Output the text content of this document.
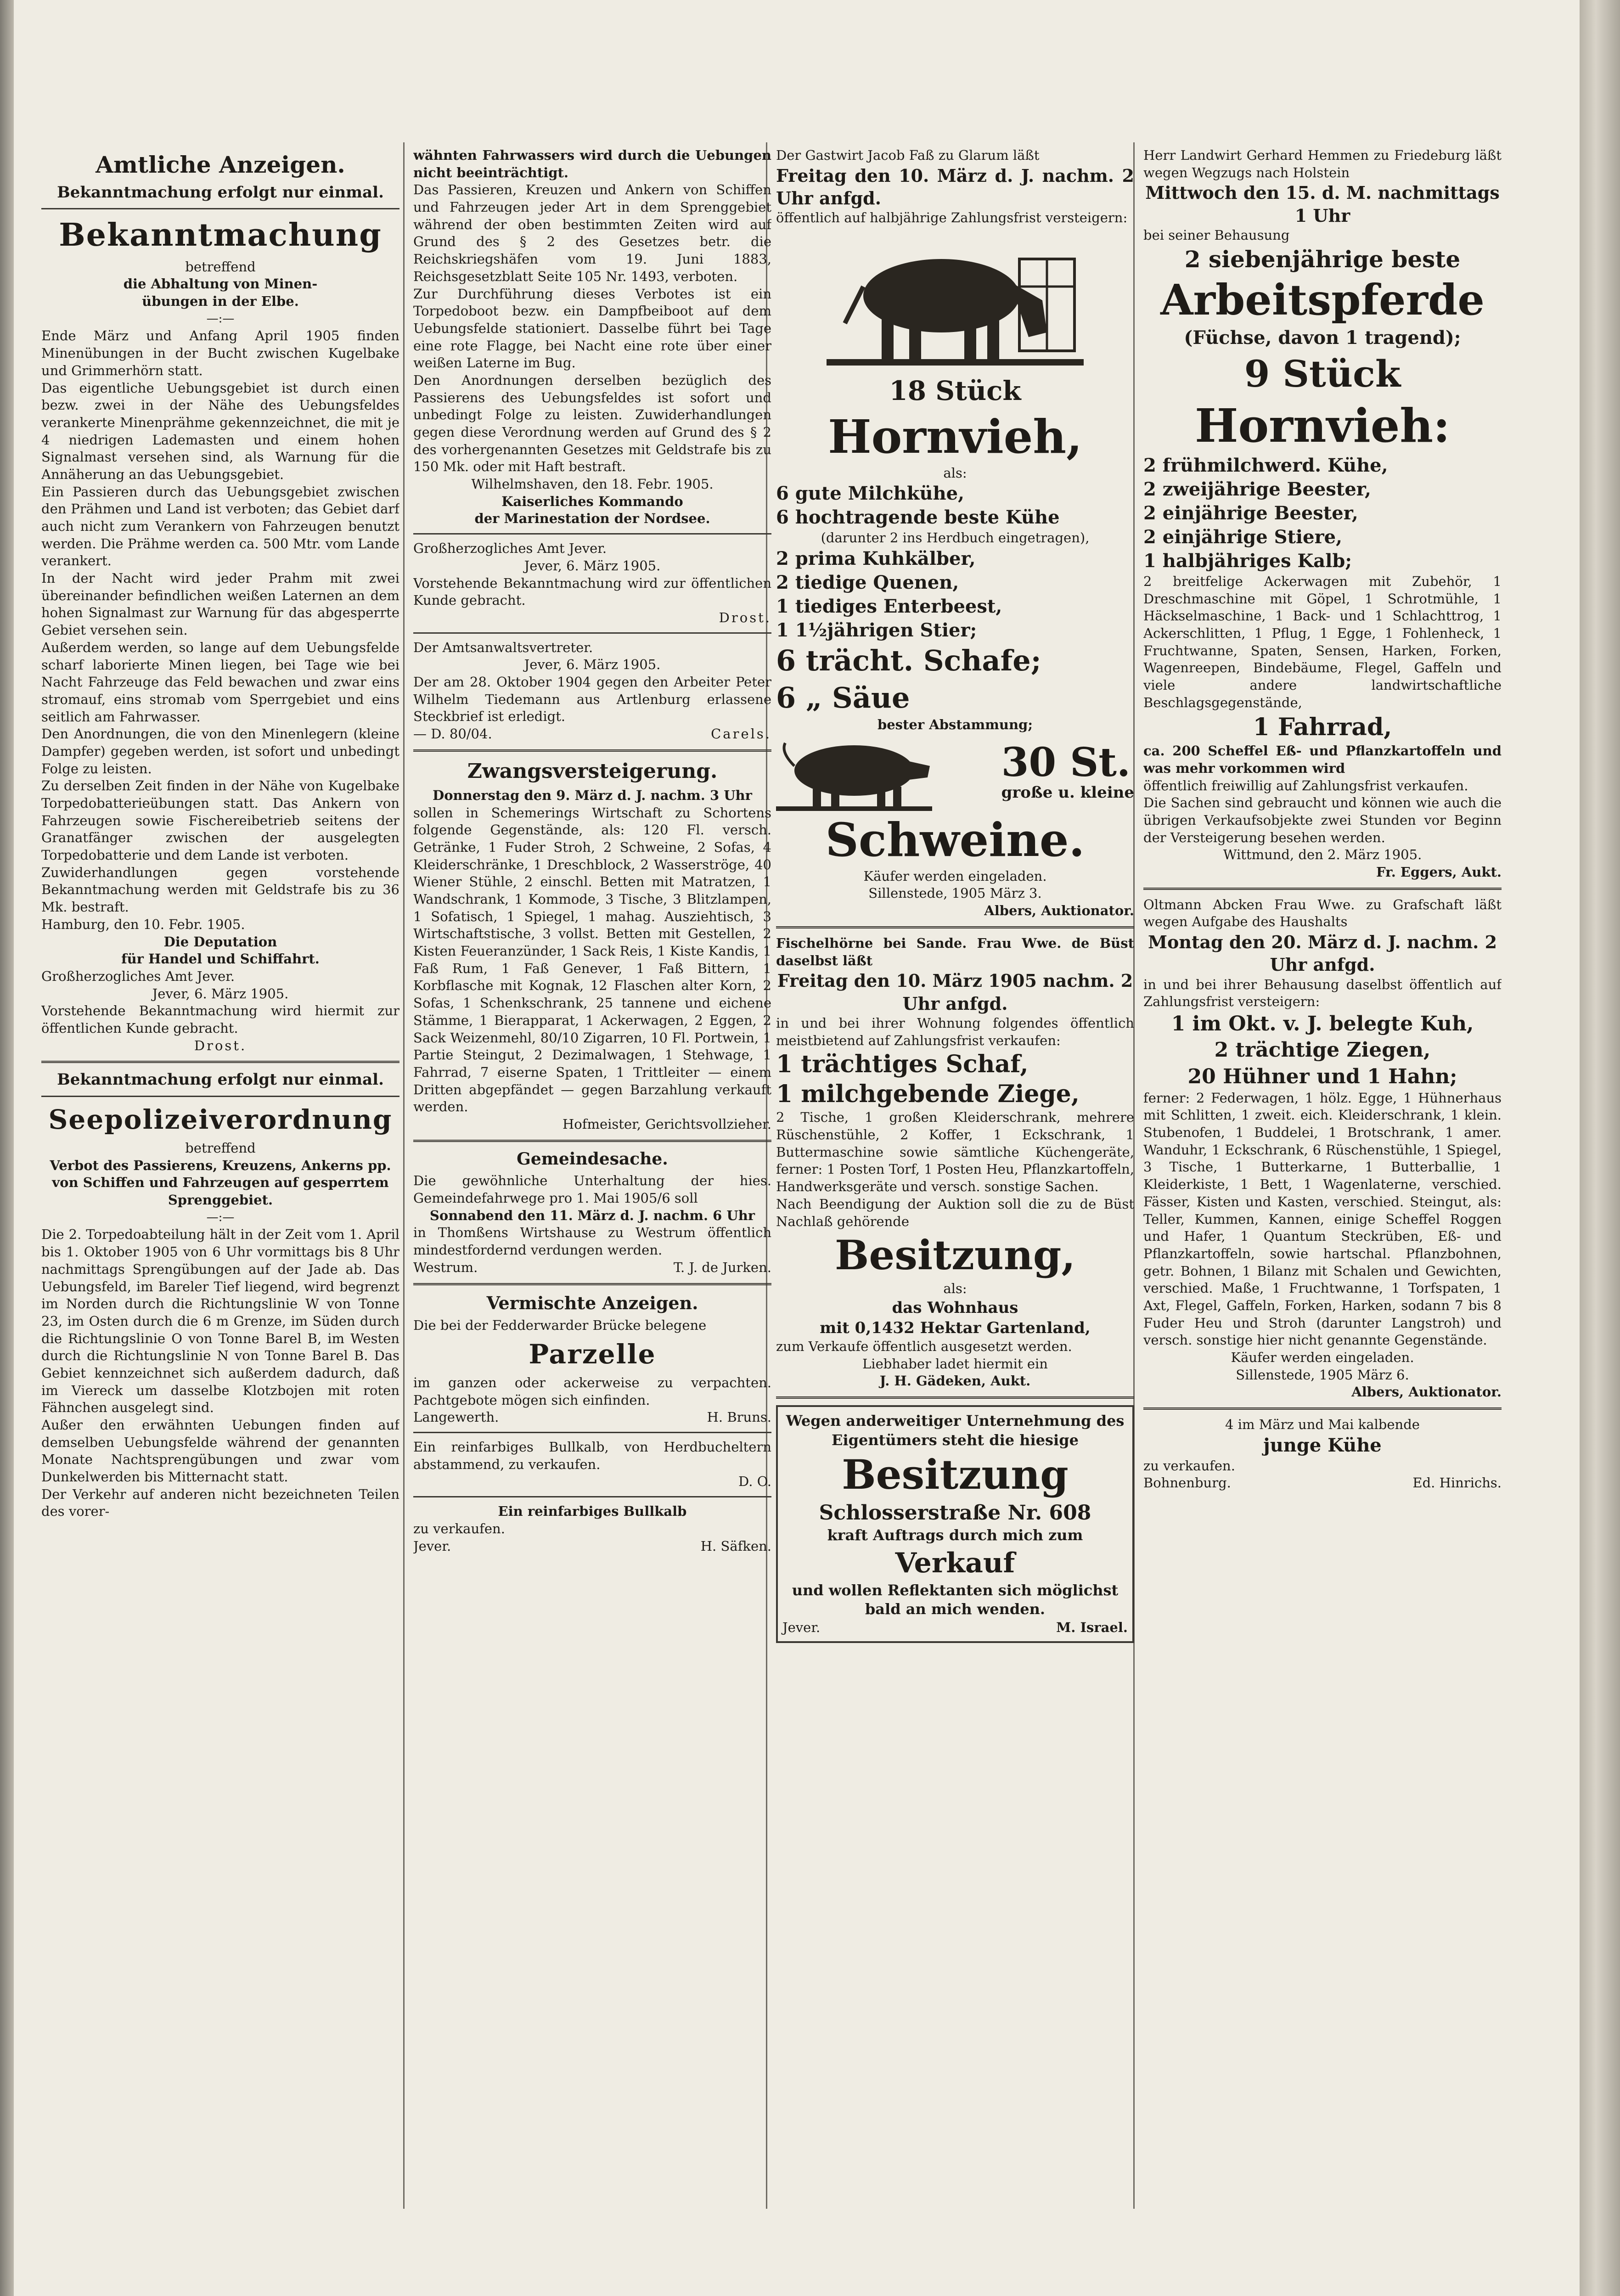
Amtliche Anzeigen.

Bekanntmachung erfolgt nur einmal.

Bekanntmachung

betreffend

die Abhaltung von Minen-

übungen in der Elbe.

—:—

Ende März und Anfang April 1905 finden Minenübungen in der Bucht zwischen Kugelbake und Grimmerhörn statt.

Das eigentliche Uebungsgebiet ist durch einen bezw. zwei in der Nähe des Uebungsfeldes verankerte Minenprähme gekennzeichnet, die mit je 4 niedrigen Lademasten und einem hohen Signalmast versehen sind, als Warnung für die Annäherung an das Uebungsgebiet.

Ein Passieren durch das Uebungsgebiet zwischen den Prähmen und Land ist verboten; das Gebiet darf auch nicht zum Verankern von Fahrzeugen benutzt werden. Die Prähme werden ca. 500 Mtr. vom Lande verankert.

In der Nacht wird jeder Prahm mit zwei übereinander befindlichen weißen Laternen an dem hohen Signalmast zur Warnung für das abgesperrte Gebiet versehen sein.

Außerdem werden, so lange auf dem Uebungsfelde scharf laborierte Minen liegen, bei Tage wie bei Nacht Fahrzeuge das Feld bewachen und zwar eins stromauf, eins stromab vom Sperrgebiet und eins seitlich am Fahrwasser.

Den Anordnungen, die von den Minenlegern (kleine Dampfer) gegeben werden, ist sofort und unbedingt Folge zu leisten.

Zu derselben Zeit finden in der Nähe von Kugelbake Torpedobatterieübungen statt. Das Ankern von Fahrzeugen sowie Fischereibetrieb seitens der Granatfänger zwischen der ausgelegten Torpedobatterie und dem Lande ist verboten.

Zuwiderhandlungen gegen vorstehende Bekanntmachung werden mit Geldstrafe bis zu 36 Mk. bestraft.

Hamburg, den 10. Febr. 1905.

Die Deputation

für Handel und Schiffahrt.

Großherzogliches Amt Jever.

Jever, 6. März 1905.

Vorstehende Bekanntmachung wird hiermit zur öffentlichen Kunde gebracht.

Drost.

Bekanntmachung erfolgt nur einmal.

Seepolizeiverordnung

betreffend

Verbot des Passierens, Kreuzens, Ankerns pp. von Schiffen und Fahrzeugen auf gesperrtem Sprenggebiet.

—:—

Die 2. Torpedoabteilung hält in der Zeit vom 1. April bis 1. Oktober 1905 von 6 Uhr vormittags bis 8 Uhr nachmittags Sprengübungen auf der Jade ab. Das Uebungsfeld, im Bareler Tief liegend, wird begrenzt im Norden durch die Richtungslinie W von Tonne 23, im Osten durch die 6 m Grenze, im Süden durch die Richtungslinie O von Tonne Barel B, im Westen durch die Richtungslinie N von Tonne Barel B. Das Gebiet kennzeichnet sich außerdem dadurch, daß im Viereck um dasselbe Klotzbojen mit roten Fähnchen ausgelegt sind.

Außer den erwähnten Uebungen finden auf demselben Uebungsfelde während der genannten Monate Nachtsprengübungen und zwar vom Dunkelwerden bis Mitternacht statt.

Der Verkehr auf anderen nicht bezeichneten Teilen des vorer-

wähnten Fahrwassers wird durch die Uebungen nicht beeinträchtigt.

Das Passieren, Kreuzen und Ankern von Schiffen und Fahrzeugen jeder Art in dem Sprenggebiet während der oben bestimmten Zeiten wird auf Grund des § 2 des Gesetzes betr. die Reichskriegshäfen vom 19. Juni 1883, Reichsgesetzblatt Seite 105 Nr. 1493, verboten.

Zur Durchführung dieses Verbotes ist ein Torpedoboot bezw. ein Dampfbeiboot auf dem Uebungsfelde stationiert. Dasselbe führt bei Tage eine rote Flagge, bei Nacht eine rote über einer weißen Laterne im Bug.

Den Anordnungen derselben bezüglich des Passierens des Uebungsfeldes ist sofort und unbedingt Folge zu leisten. Zuwiderhandlungen gegen diese Verordnung werden auf Grund des § 2 des vorhergenannten Gesetzes mit Geldstrafe bis zu 150 Mk. oder mit Haft bestraft.

Wilhelmshaven, den 18. Febr. 1905.

Kaiserliches Kommando

der Marinestation der Nordsee.

Großherzogliches Amt Jever.

Jever, 6. März 1905.

Vorstehende Bekanntmachung wird zur öffentlichen Kunde gebracht.

Drost.

Der Amtsanwaltsvertreter.

Jever, 6. März 1905.

Der am 28. Oktober 1904 gegen den Arbeiter Peter Wilhelm Tiedemann aus Artlenburg erlassene Steckbrief ist erledigt.

— D. 80/04.	Carels.

Zwangsversteigerung.

Donnerstag den 9. März d. J. nachm. 3 Uhr

sollen in Schemerings Wirtschaft zu Schortens folgende Gegenstände, als: 120 Fl. versch. Getränke, 1 Fuder Stroh, 2 Schweine, 2 Sofas, 4 Kleiderschränke, 1 Dreschblock, 2 Wasserströge, 40 Wiener Stühle, 2 einschl. Betten mit Matratzen, 1 Wandschrank, 1 Kommode, 3 Tische, 3 Blitzlampen, 1 Sofatisch, 1 Spiegel, 1 mahag. Ausziehtisch, 3 Wirtschaftstische, 3 vollst. Betten mit Gestellen, 2 Kisten Feueranzünder, 1 Sack Reis, 1 Kiste Kandis, 1 Faß Rum, 1 Faß Genever, 1 Faß Bittern, 1 Korbflasche mit Kognak, 12 Flaschen alter Korn, 2 Sofas, 1 Schenkschrank, 25 tannene und eichene Stämme, 1 Bierapparat, 1 Ackerwagen, 2 Eggen, 2 Sack Weizenmehl, 80/10 Zigarren, 10 Fl. Portwein, 1 Partie Steingut, 2 Dezimalwagen, 1 Stehwage, 1 Fahrrad, 7 eiserne Spaten, 1 Trittleiter — einem Dritten abgepfändet — gegen Barzahlung verkauft werden.

Hofmeister, Gerichtsvollzieher.

Gemeindesache.

Die gewöhnliche Unterhaltung der hies. Gemeindefahrwege pro 1. Mai 1905/6 soll

Sonnabend den 11. März d. J. nachm. 6 Uhr

in Thomßens Wirtshause zu Westrum öffentlich mindestfordernd verdungen werden.

Westrum.	T. J. de Jurken.

Vermischte Anzeigen.

Die bei der Fedderwarder Brücke belegene

Parzelle

im ganzen oder ackerweise zu verpachten. Pachtgebote mögen sich einfinden.

Langewerth.	H. Bruns.

Ein reinfarbiges Bullkalb, von Herdbucheltern abstammend, zu verkaufen.

D. O.

Ein reinfarbiges Bullkalb

zu verkaufen.

Jever.	H. Säfken.

Der Gastwirt Jacob Faß zu Glarum läßt

Freitag den 10. März d. J. nachm. 2 Uhr anfgd.

öffentlich auf halbjährige Zahlungsfrist versteigern:

18 Stück

Hornvieh,

als:

6 gute Milchkühe,

6 hochtragende beste Kühe

(darunter 2 ins Herdbuch eingetragen),

2 prima Kuhkälber,

2 tiedige Quenen,

1 tiediges Enterbeest,

1 1½jährigen Stier;

6 trächt. Schafe;

6 „ Säue

bester Abstammung;

30 St.

große u. kleine

Schweine.

Käufer werden eingeladen.

Sillenstede, 1905 März 3.

Albers, Auktionator.

Fischelhörne bei Sande. Frau Wwe. de Büst daselbst läßt

Freitag den 10. März 1905 nachm. 2 Uhr anfgd.

in und bei ihrer Wohnung folgendes öffentlich meistbietend auf Zahlungsfrist verkaufen:

1 trächtiges Schaf,

1 milchgebende Ziege,

2 Tische, 1 großen Kleiderschrank, mehrere Rüschenstühle, 2 Koffer, 1 Eckschrank, 1 Buttermaschine sowie sämtliche Küchengeräte, ferner: 1 Posten Torf, 1 Posten Heu, Pflanzkartoffeln, Handwerksgeräte und versch. sonstige Sachen.

Nach Beendigung der Auktion soll die zu de Büst Nachlaß gehörende

Besitzung,

als:

das Wohnhaus

mit 0,1432 Hektar Gartenland,

zum Verkaufe öffentlich ausgesetzt werden.

Liebhaber ladet hiermit ein

J. H. Gädeken, Aukt.

Wegen anderweitiger Unternehmung des Eigentümers steht die hiesige

Besitzung

Schlosserstraße Nr. 608

kraft Auftrags durch mich zum

Verkauf

und wollen Reflektanten sich möglichst bald an mich wenden.

Jever.	M. Israel.

Herr Landwirt Gerhard Hemmen zu Friedeburg läßt wegen Wegzugs nach Holstein

Mittwoch den 15. d. M. nachmittags 1 Uhr

bei seiner Behausung

2 siebenjährige beste

Arbeitspferde

(Füchse, davon 1 tragend);

9 Stück

Hornvieh:

2 frühmilchwerd. Kühe,

2 zweijährige Beester,

2 einjährige Beester,

2 einjährige Stiere,

1 halbjähriges Kalb;

2 breitfelige Ackerwagen mit Zubehör, 1 Dreschmaschine mit Göpel, 1 Schrotmühle, 1 Häckselmaschine, 1 Back- und 1 Schlachttrog, 1 Ackerschlitten, 1 Pflug, 1 Egge, 1 Fohlenheck, 1 Fruchtwanne, Spaten, Sensen, Harken, Forken, Wagenreepen, Bindebäume, Flegel, Gaffeln und viele andere landwirtschaftliche Beschlagsgegenstände,

1 Fahrrad,

ca. 200 Scheffel Eß- und Pflanzkartoffeln und was mehr vorkommen wird

öffentlich freiwillig auf Zahlungsfrist verkaufen.

Die Sachen sind gebraucht und können wie auch die übrigen Verkaufsobjekte zwei Stunden vor Beginn der Versteigerung besehen werden.

Wittmund, den 2. März 1905.

Fr. Eggers, Aukt.

Oltmann Abcken Frau Wwe. zu Grafschaft läßt wegen Aufgabe des Haushalts

Montag den 20. März d. J. nachm. 2 Uhr anfgd.

in und bei ihrer Behausung daselbst öffentlich auf Zahlungsfrist versteigern:

1 im Okt. v. J. belegte Kuh,

2 trächtige Ziegen,

20 Hühner und 1 Hahn;

ferner: 2 Federwagen, 1 hölz. Egge, 1 Hühnerhaus mit Schlitten, 1 zweit. eich. Kleiderschrank, 1 klein. Stubenofen, 1 Buddelei, 1 Brotschrank, 1 amer. Wanduhr, 1 Eckschrank, 6 Rüschenstühle, 1 Spiegel, 3 Tische, 1 Butterkarne, 1 Butterballie, 1 Kleiderkiste, 1 Bett, 1 Wagenlaterne, verschied. Fässer, Kisten und Kasten, verschied. Steingut, als: Teller, Kummen, Kannen, einige Scheffel Roggen und Hafer, 1 Quantum Steckrüben, Eß- und Pflanzkartoffeln, sowie hartschal. Pflanzbohnen, getr. Bohnen, 1 Bilanz mit Schalen und Gewichten, verschied. Maße, 1 Fruchtwanne, 1 Torfspaten, 1 Axt, Flegel, Gaffeln, Forken, Harken, sodann 7 bis 8 Fuder Heu und Stroh (darunter Langstroh) und versch. sonstige hier nicht genannte Gegenstände.

Käufer werden eingeladen.

Sillenstede, 1905 März 6.

Albers, Auktionator.

4 im März und Mai kalbende

junge Kühe

zu verkaufen.

Bohnenburg.	Ed. Hinrichs.
